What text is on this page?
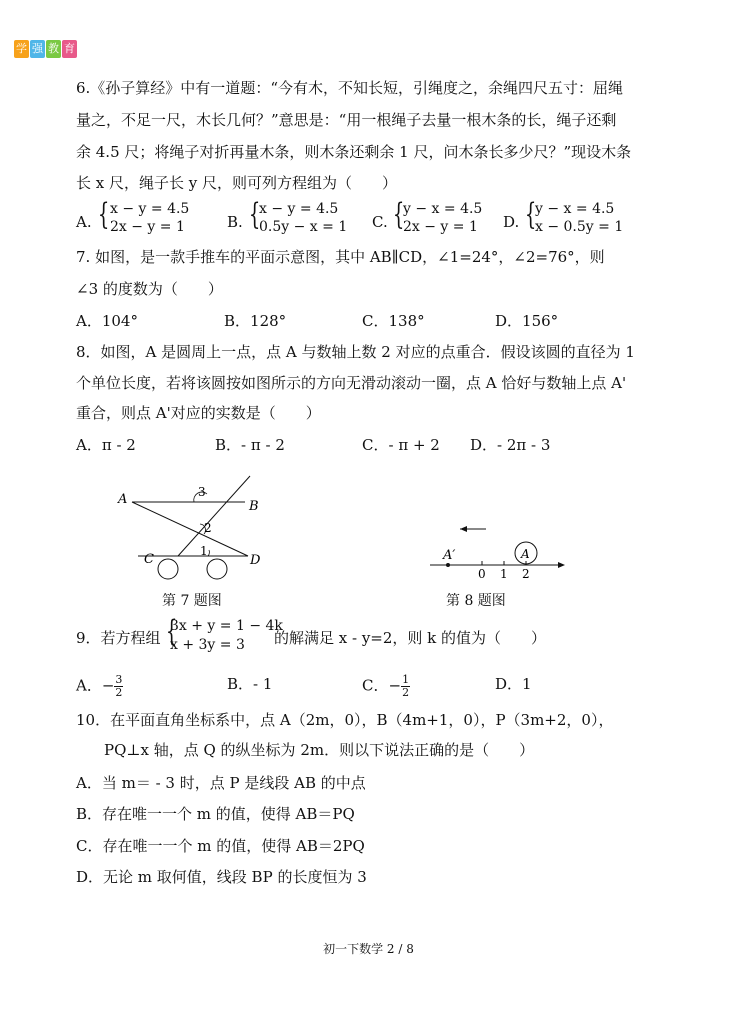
学 强 教 育
6.《孙子算经》中有一道题：“今有木，不知长短，引绳度之，余绳四尺五寸：屈绳
量之，不足一尺，木长几何？”意思是：“用一根绳子去量一根木条的长，绳子还剩
余 4.5 尺；将绳子对折再量木条，则木条还剩余 1 尺，问木条长多少尺？”现设木条
长 x 尺，绳子长 y 尺，则可列方程组为（　　）
A. { x − y = 4.5
2x − y = 1	B. {
x − y = 4.5
0.5y − x = 1 C. {
y − x = 4.5
2x − y = 1 D. {
y − x = 4.5
x − 0.5y = 1
7. 如图，是一款手推车的平面示意图，其中 AB∥CD，∠1=24°，∠2=76°，则
∠3 的度数为（　　）
A．104°	B．128°	C．138°	D．156°
8．如图，A 是圆周上一点，点 A 与数轴上数 2 对应的点重合．假设该圆的直径为 1
个单位长度，若将该圆按如图所示的方向无滑动滚动一圈，点 A 恰好与数轴上点 A'
重合，则点 A'对应的实数是（　　）
A．π - 2	B．- π - 2	C．- π + 2 D．- 2π - 3
A	B
C	D
1
2
3
第 7 题图
A′
0 1 2
A
第 8 题图
9．若方程组 {
3x + y = 1 − 4k
x + 3y = 3 的解满足 x - y=2，则 k 的值为（　　）
A．− $\frac{3}{2}$	B．- 1	C．− $\frac{1}{2}$	D．1
10．在平面直角坐标系中，点 A（2m，0），B（4m+1，0），P（3m+2，0），
PQ⊥x 轴，点 Q 的纵坐标为 2m．则以下说法正确的是（　　）
A．当 m＝ - 3 时，点 P 是线段 AB 的中点
B．存在唯一一个 m 的值，使得 AB＝PQ
C．存在唯一一个 m 的值，使得 AB＝2PQ
D．无论 m 取何值，线段 BP 的长度恒为 3
初一下数学 2 / 8
